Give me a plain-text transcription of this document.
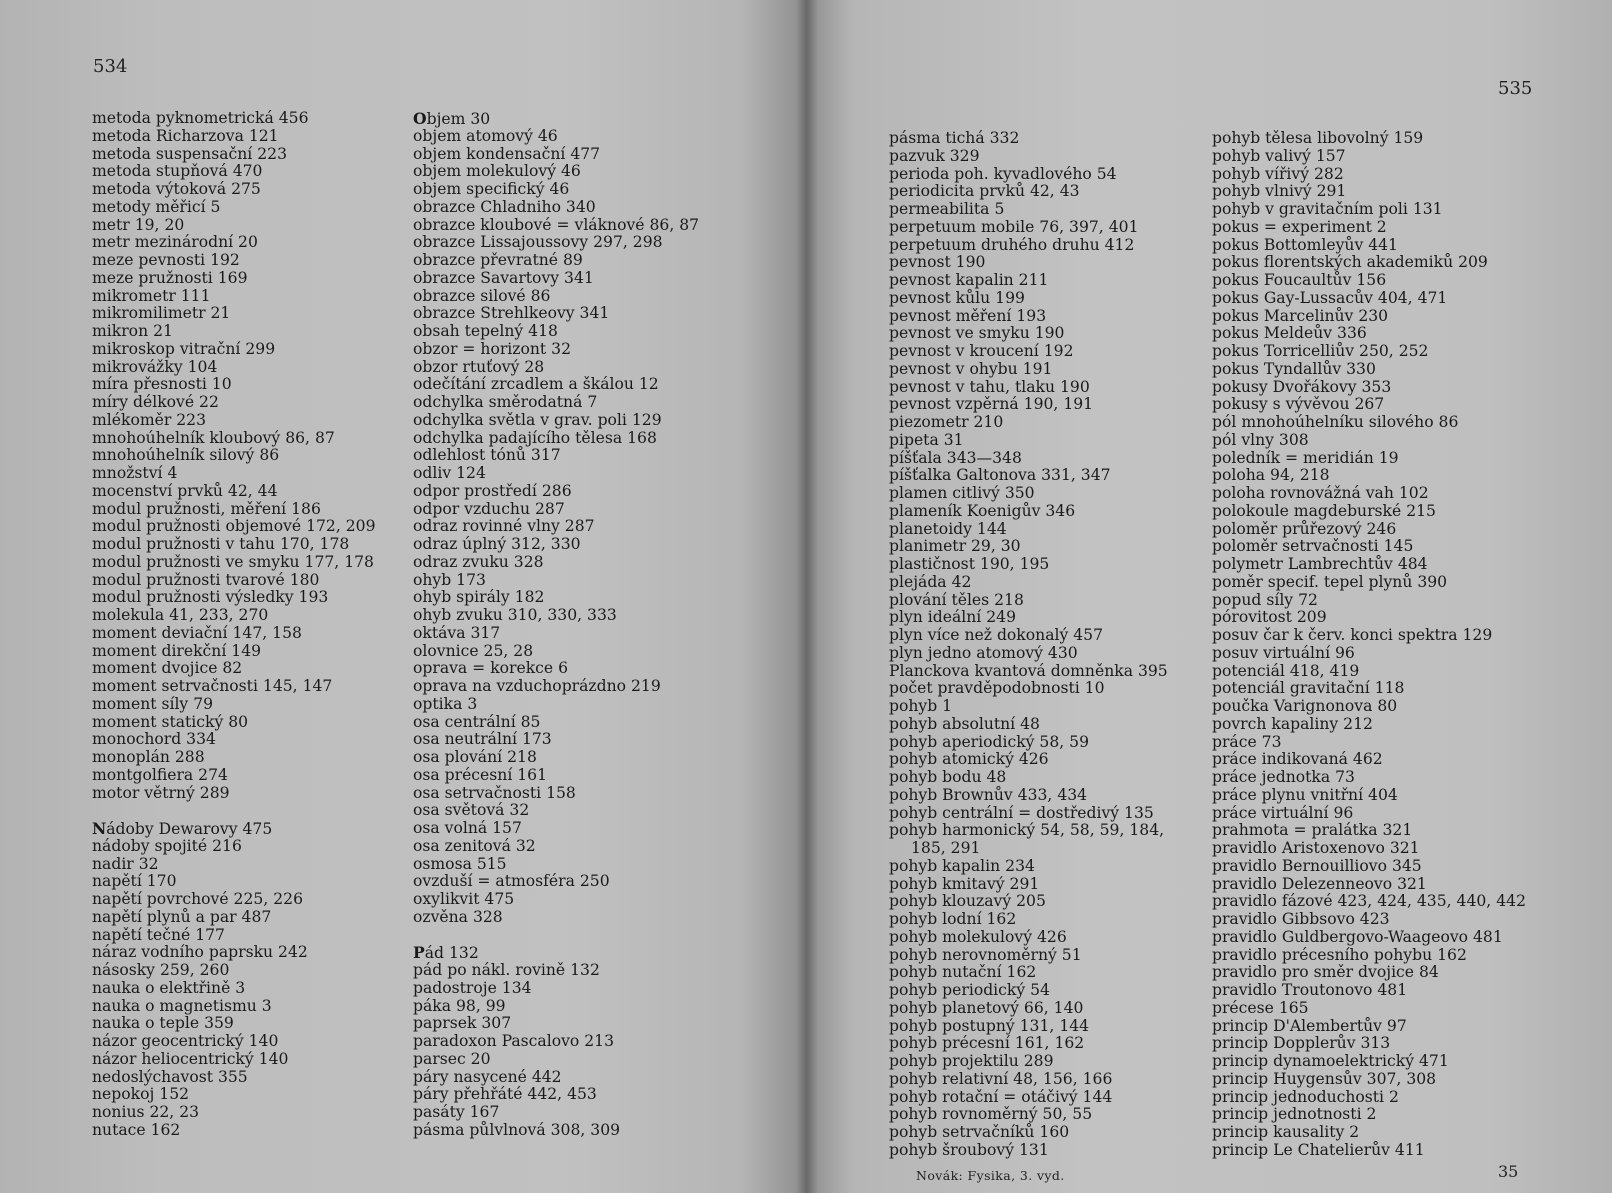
534
metoda pyknometrická 456
metoda Richarzova 121
metoda suspensační 223
metoda stupňová 470
metoda výtoková 275
metody měřicí 5
metr 19, 20
metr mezinárodní 20
meze pevnosti 192
meze pružnosti 169
mikrometr 111
mikromilimetr 21
mikron 21
mikroskop vitrační 299
mikrovážky 104
míra přesnosti 10
míry délkové 22
mlékoměr 223
mnohoúhelník kloubový 86, 87
mnohoúhelník silový 86
množství 4
mocenství prvků 42, 44
modul pružnosti, měření 186
modul pružnosti objemové 172, 209
modul pružnosti v tahu 170, 178
modul pružnosti ve smyku 177, 178
modul pružnosti tvarové 180
modul pružnosti výsledky 193
molekula 41, 233, 270
moment deviační 147, 158
moment direkční 149
moment dvojice 82
moment setrvačnosti 145, 147
moment síly 79
moment statický 80
monochord 334
monoplán 288
montgolfiera 274
motor větrný 289
Nádoby Dewarovy 475
nádoby spojité 216
nadir 32
napětí 170
napětí povrchové 225, 226
napětí plynů a par 487
napětí tečné 177
náraz vodního paprsku 242
násosky 259, 260
nauka o elektřině 3
nauka o magnetismu 3
nauka o teple 359
názor geocentrický 140
názor heliocentrický 140
nedoslýchavost 355
nepokoj 152
nonius 22, 23
nutace 162
Objem 30
objem atomový 46
objem kondensační 477
objem molekulový 46
objem specifický 46
obrazce Chladniho 340
obrazce kloubové = vláknové 86, 87
obrazce Lissajoussovy 297, 298
obrazce převratné 89
obrazce Savartovy 341
obrazce silové 86
obrazce Strehlkeovy 341
obsah tepelný 418
obzor = horizont 32
obzor rtuťový 28
odečítání zrcadlem a škálou 12
odchylka směrodatná 7
odchylka světla v grav. poli 129
odchylka padajícího tělesa 168
odlehlost tónů 317
odliv 124
odpor prostředí 286
odpor vzduchu 287
odraz rovinné vlny 287
odraz úplný 312, 330
odraz zvuku 328
ohyb 173
ohyb spirály 182
ohyb zvuku 310, 330, 333
oktáva 317
olovnice 25, 28
oprava = korekce 6
oprava na vzduchoprázdno 219
optika 3
osa centrální 85
osa neutrální 173
osa plování 218
osa précesní 161
osa setrvačnosti 158
osa světová 32
osa volná 157
osa zenitová 32
osmosa 515
ovzduší = atmosféra 250
oxylikvit 475
ozvěna 328
Pád 132
pád po nákl. rovině 132
padostroje 134
páka 98, 99
paprsek 307
paradoxon Pascalovo 213
parsec 20
páry nasycené 442
páry přehřáté 442, 453
pasáty 167
pásma půlvlnová 308, 309
535
pásma tichá 332
pazvuk 329
perioda poh. kyvadlového 54
periodicita prvků 42, 43
permeabilita 5
perpetuum mobile 76, 397, 401
perpetuum druhého druhu 412
pevnost 190
pevnost kapalin 211
pevnost kůlu 199
pevnost měření 193
pevnost ve smyku 190
pevnost v kroucení 192
pevnost v ohybu 191
pevnost v tahu, tlaku 190
pevnost vzpěrná 190, 191
piezometr 210
pipeta 31
píšťala 343—348
píšťalka Galtonova 331, 347
plamen citlivý 350
plameník Koenigův 346
planetoidy 144
planimetr 29, 30
plastičnost 190, 195
plejáda 42
plování těles 218
plyn ideální 249
plyn více než dokonalý 457
plyn jedno atomový 430
Planckova kvantová domněnka 395
počet pravděpodobnosti 10
pohyb 1
pohyb absolutní 48
pohyb aperiodický 58, 59
pohyb atomický 426
pohyb bodu 48
pohyb Brownův 433, 434
pohyb centrální = dostředivý 135
pohyb harmonický 54, 58, 59, 184,
185, 291
pohyb kapalin 234
pohyb kmitavý 291
pohyb klouzavý 205
pohyb lodní 162
pohyb molekulový 426
pohyb nerovnoměrný 51
pohyb nutační 162
pohyb periodický 54
pohyb planetový 66, 140
pohyb postupný 131, 144
pohyb précesní 161, 162
pohyb projektilu 289
pohyb relativní 48, 156, 166
pohyb rotační = otáčivý 144
pohyb rovnoměrný 50, 55
pohyb setrvačníků 160
pohyb šroubový 131
pohyb tělesa libovolný 159
pohyb valivý 157
pohyb vířivý 282
pohyb vlnivý 291
pohyb v gravitačním poli 131
pokus = experiment 2
pokus Bottomleyův 441
pokus florentských akademiků 209
pokus Foucaultův 156
pokus Gay-Lussacův 404, 471
pokus Marcelinův 230
pokus Meldeův 336
pokus Torricelliův 250, 252
pokus Tyndallův 330
pokusy Dvořákovy 353
pokusy s vývěvou 267
pól mnohoúhelníku silového 86
pól vlny 308
poledník = meridián 19
poloha 94, 218
poloha rovnovážná vah 102
polokoule magdeburské 215
poloměr průřezový 246
poloměr setrvačnosti 145
polymetr Lambrechtův 484
poměr specif. tepel plynů 390
popud síly 72
pórovitost 209
posuv čar k červ. konci spektra 129
posuv virtuální 96
potenciál 418, 419
potenciál gravitační 118
poučka Varignonova 80
povrch kapaliny 212
práce 73
práce indikovaná 462
práce jednotka 73
práce plynu vnitřní 404
práce virtuální 96
prahmota = pralátka 321
pravidlo Aristoxenovo 321
pravidlo Bernouilliovo 345
pravidlo Delezenneovo 321
pravidlo fázové 423, 424, 435, 440, 442
pravidlo Gibbsovo 423
pravidlo Guldbergovo-Waageovo 481
pravidlo précesního pohybu 162
pravidlo pro směr dvojice 84
pravidlo Troutonovo 481
précese 165
princip D'Alembertův 97
princip Dopplerův 313
princip dynamoelektrický 471
princip Huygensův 307, 308
princip jednoduchosti 2
princip jednotnosti 2
princip kausality 2
princip Le Chatelierův 411
Novák: Fysika, 3. vyd.	35
